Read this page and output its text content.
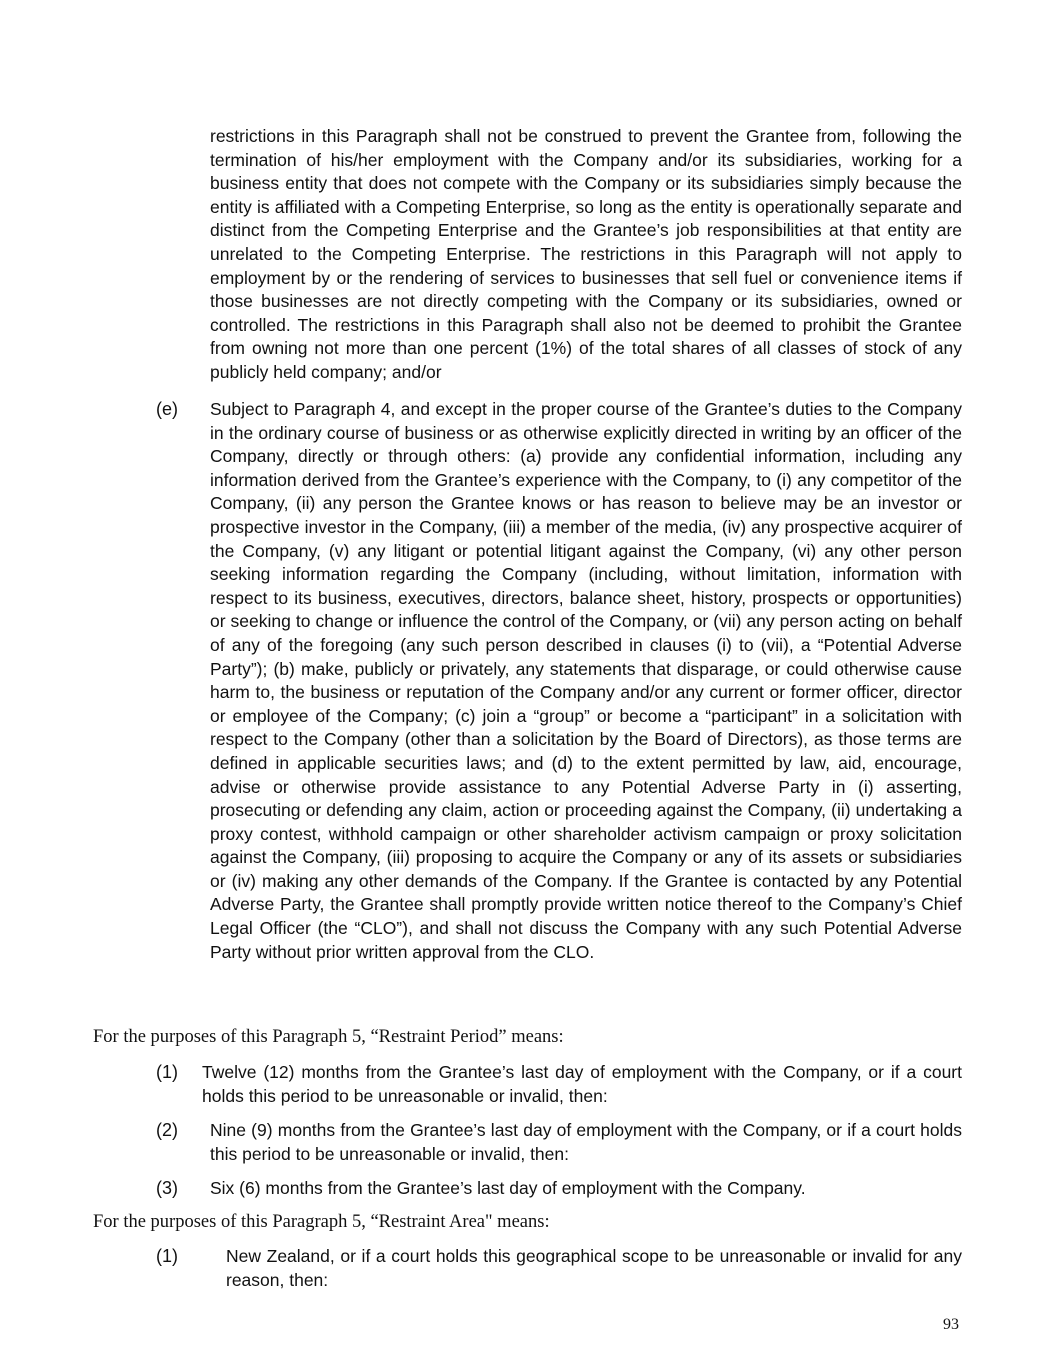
restrictions in this Paragraph shall not be construed to prevent the Grantee from, following the termination of his/her employment with the Company and/or its subsidiaries, working for a business entity that does not compete with the Company or its subsidiaries simply because the entity is affiliated with a Competing Enterprise, so long as the entity is operationally separate and distinct from the Competing Enterprise and the Grantee’s job responsibilities at that entity are unrelated to the Competing Enterprise. The restrictions in this Paragraph will not apply to employment by or the rendering of services to businesses that sell fuel or convenience items if those businesses are not directly competing with the Company or its subsidiaries, owned or controlled. The restrictions in this Paragraph shall also not be deemed to prohibit the Grantee from owning not more than one percent (1%) of the total shares of all classes of stock of any publicly held company; and/or
(e) Subject to Paragraph 4, and except in the proper course of the Grantee’s duties to the Company in the ordinary course of business or as otherwise explicitly directed in writing by an officer of the Company, directly or through others: (a) provide any confidential information, including any information derived from the Grantee’s experience with the Company, to (i) any competitor of the Company, (ii) any person the Grantee knows or has reason to believe may be an investor or prospective investor in the Company, (iii) a member of the media, (iv) any prospective acquirer of the Company, (v) any litigant or potential litigant against the Company, (vi) any other person seeking information regarding the Company (including, without limitation, information with respect to its business, executives, directors, balance sheet, history, prospects or opportunities) or seeking to change or influence the control of the Company, or (vii) any person acting on behalf of any of the foregoing (any such person described in clauses (i) to (vii), a “Potential Adverse Party”); (b) make, publicly or privately, any statements that disparage, or could otherwise cause harm to, the business or reputation of the Company and/or any current or former officer, director or employee of the Company; (c) join a “group” or become a “participant” in a solicitation with respect to the Company (other than a solicitation by the Board of Directors), as those terms are defined in applicable securities laws; and (d) to the extent permitted by law, aid, encourage, advise or otherwise provide assistance to any Potential Adverse Party in (i) asserting, prosecuting or defending any claim, action or proceeding against the Company, (ii) undertaking a proxy contest, withhold campaign or other shareholder activism campaign or proxy solicitation against the Company, (iii) proposing to acquire the Company or any of its assets or subsidiaries or (iv) making any other demands of the Company. If the Grantee is contacted by any Potential Adverse Party, the Grantee shall promptly provide written notice thereof to the Company’s Chief Legal Officer (the “CLO”), and shall not discuss the Company with any such Potential Adverse Party without prior written approval from the CLO.
For the purposes of this Paragraph 5, “Restraint Period” means:
(1) Twelve (12) months from the Grantee’s last day of employment with the Company, or if a court holds this period to be unreasonable or invalid, then:
(2) Nine (9) months from the Grantee’s last day of employment with the Company, or if a court holds this period to be unreasonable or invalid, then:
(3) Six (6) months from the Grantee’s last day of employment with the Company.
For the purposes of this Paragraph 5, “Restraint Area" means:
(1)	New Zealand, or if a court holds this geographical scope to be unreasonable or invalid for any reason, then:
93
